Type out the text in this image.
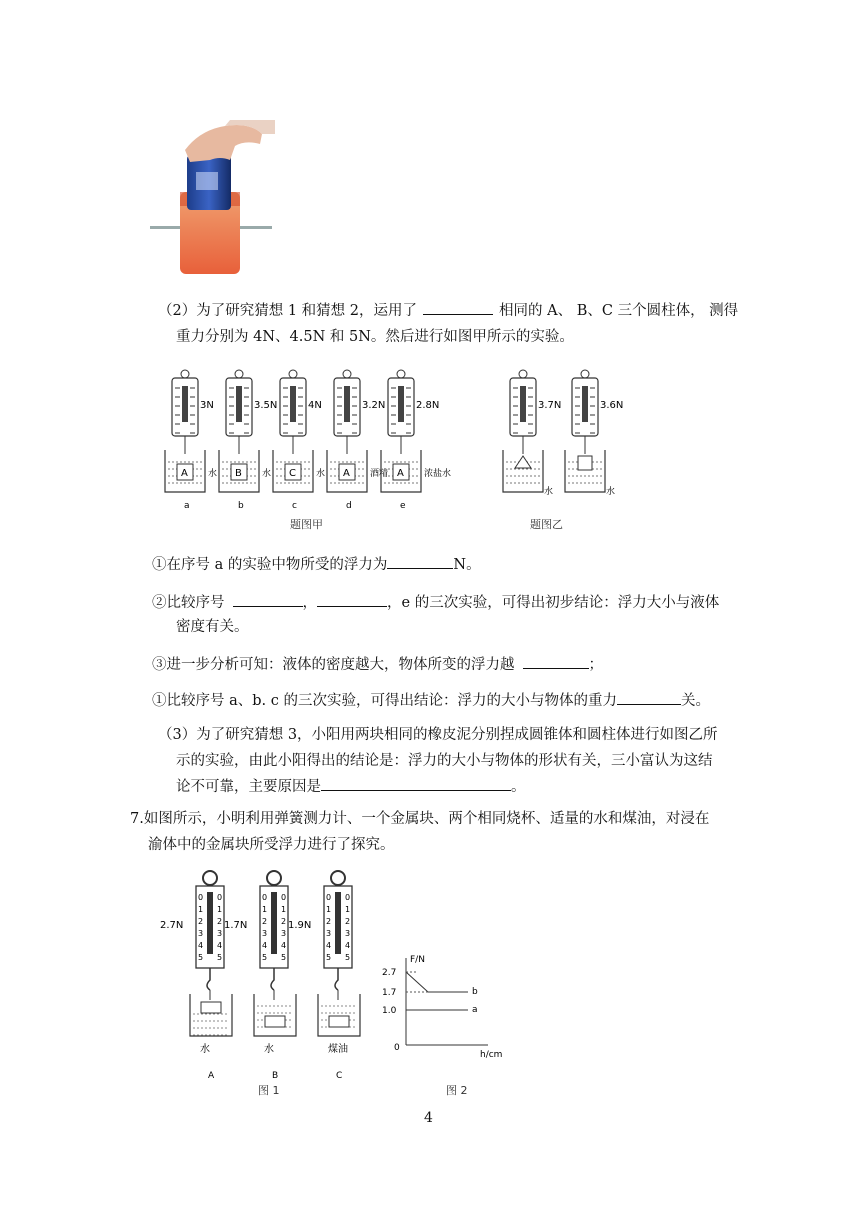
（2）为了研究猜想 1 和猜想 2，运用了	相同的 A、 B、C 三个圆柱体， 测得
重力分别为 4N、4.5N 和 5N。然后进行如图甲所示的实验。
3N
A 水
a
3.5N
B 水
b
4N
C 水
c
3.2N
A 酒精
d
2.8N
A 浓盐水
e
题图甲
3.7N
水
3.6N
水
题图乙
①在序号 a 的实验中物所受的浮力为	N。
②比较序号	，	，e 的三次实验，可得出初步结论：浮力大小与液体
密度有关。
③进一步分析可知：液体的密度越大，物体所变的浮力越	；
①比较序号 a、b. c 的三次实验，可得出结论：浮力的大小与物体的重力	关。
（3）为了研究猜想 3，小阳用两块相同的橡皮泥分别捏成圆锥体和圆柱体进行如图乙所
示的实验，由此小阳得出的结论是：浮力的大小与物体的形状有关，三小富认为这结
论不可靠，主要原因是	。
7.如图所示，小明利用弹簧测力计、一个金属块、两个相同烧杯、适量的水和煤油，对浸在
渝体中的金属块所受浮力进行了探究。
2.7N
0 0
1 1
2 2
3 3
4 4
5 5
水
A
1.7N
0 0
1 1
2 2
3 3
4 4
5 5
水
B
1.9N
0 0
1 1
2 2
3 3
4 4
5 5
煤油
C
图 1
F/N
h/cm
2.7
1.7
1.0
0
b
a
图 2
4
